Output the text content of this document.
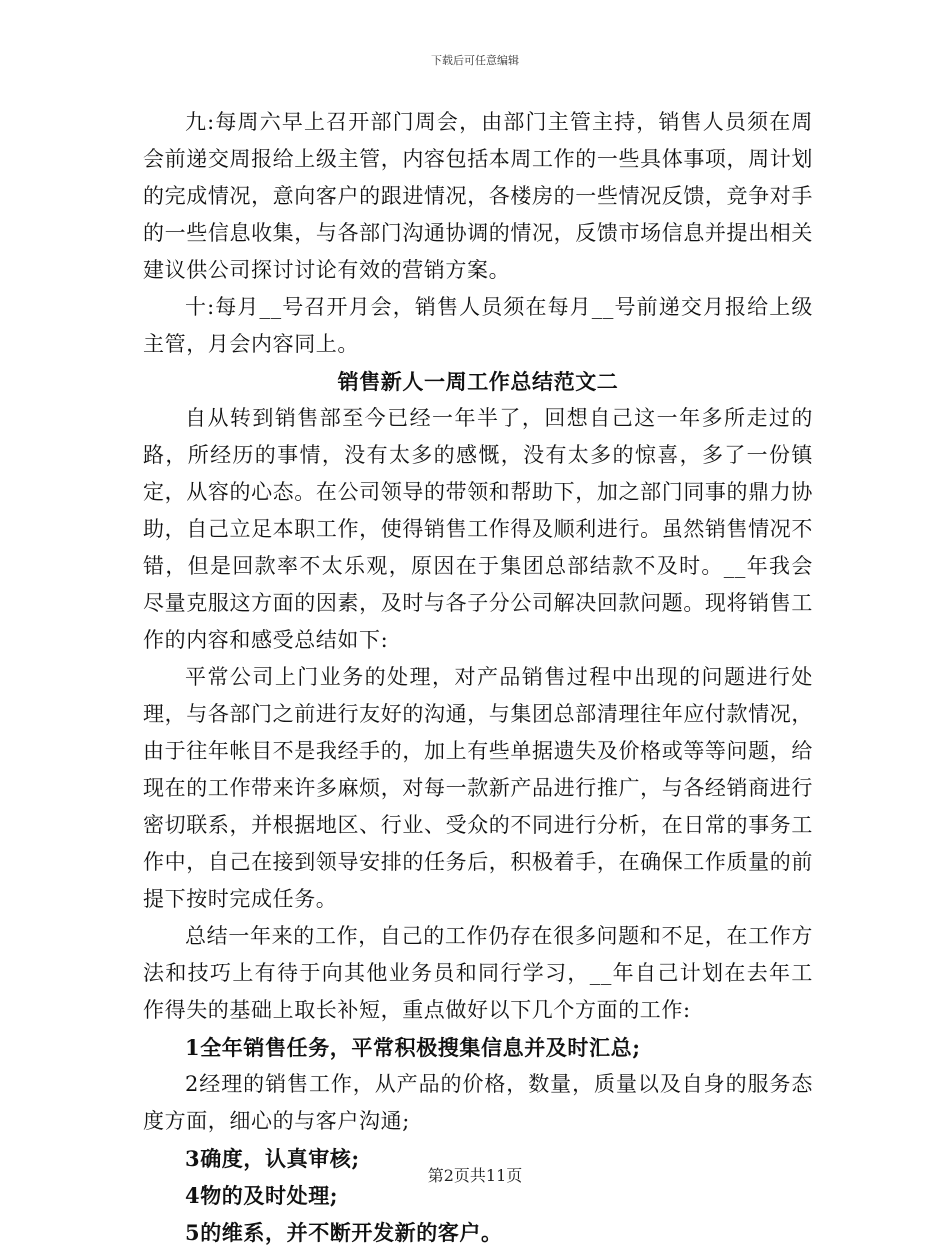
下载后可任意编辑

九:每周六早上召开部门周会，由部门主管主持，销售人员须在周会前递交周报给上级主管，内容包括本周工作的一些具体事项，周计划的完成情况，意向客户的跟进情况，各楼房的一些情况反馈，竞争对手的一些信息收集，与各部门沟通协调的情况，反馈市场信息并提出相关建议供公司探讨讨论有效的营销方案。

十:每月__号召开月会，销售人员须在每月__号前递交月报给上级主管，月会内容同上。

销售新人一周工作总结范文二

自从转到销售部至今已经一年半了，回想自己这一年多所走过的路，所经历的事情，没有太多的感慨，没有太多的惊喜，多了一份镇定，从容的心态。在公司领导的带领和帮助下，加之部门同事的鼎力协助，自己立足本职工作，使得销售工作得及顺利进行。虽然销售情况不错，但是回款率不太乐观，原因在于集团总部结款不及时。__年我会尽量克服这方面的因素，及时与各子分公司解决回款问题。现将销售工作的内容和感受总结如下:

平常公司上门业务的处理，对产品销售过程中出现的问题进行处理，与各部门之前进行友好的沟通，与集团总部清理往年应付款情况，由于往年帐目不是我经手的，加上有些单据遗失及价格或等等问题，给现在的工作带来许多麻烦，对每一款新产品进行推广，与各经销商进行密切联系，并根据地区、行业、受众的不同进行分析，在日常的事务工作中，自己在接到领导安排的任务后，积极着手，在确保工作质量的前提下按时完成任务。

总结一年来的工作，自己的工作仍存在很多问题和不足，在工作方法和技巧上有待于向其他业务员和同行学习，__年自己计划在去年工作得失的基础上取长补短，重点做好以下几个方面的工作:

1全年销售任务，平常积极搜集信息并及时汇总;

2经理的销售工作，从产品的价格，数量，质量以及自身的服务态度方面，细心的与客户沟通;

3确度，认真审核;

4物的及时处理;

5的维系，并不断开发新的客户。

第2页共11页
